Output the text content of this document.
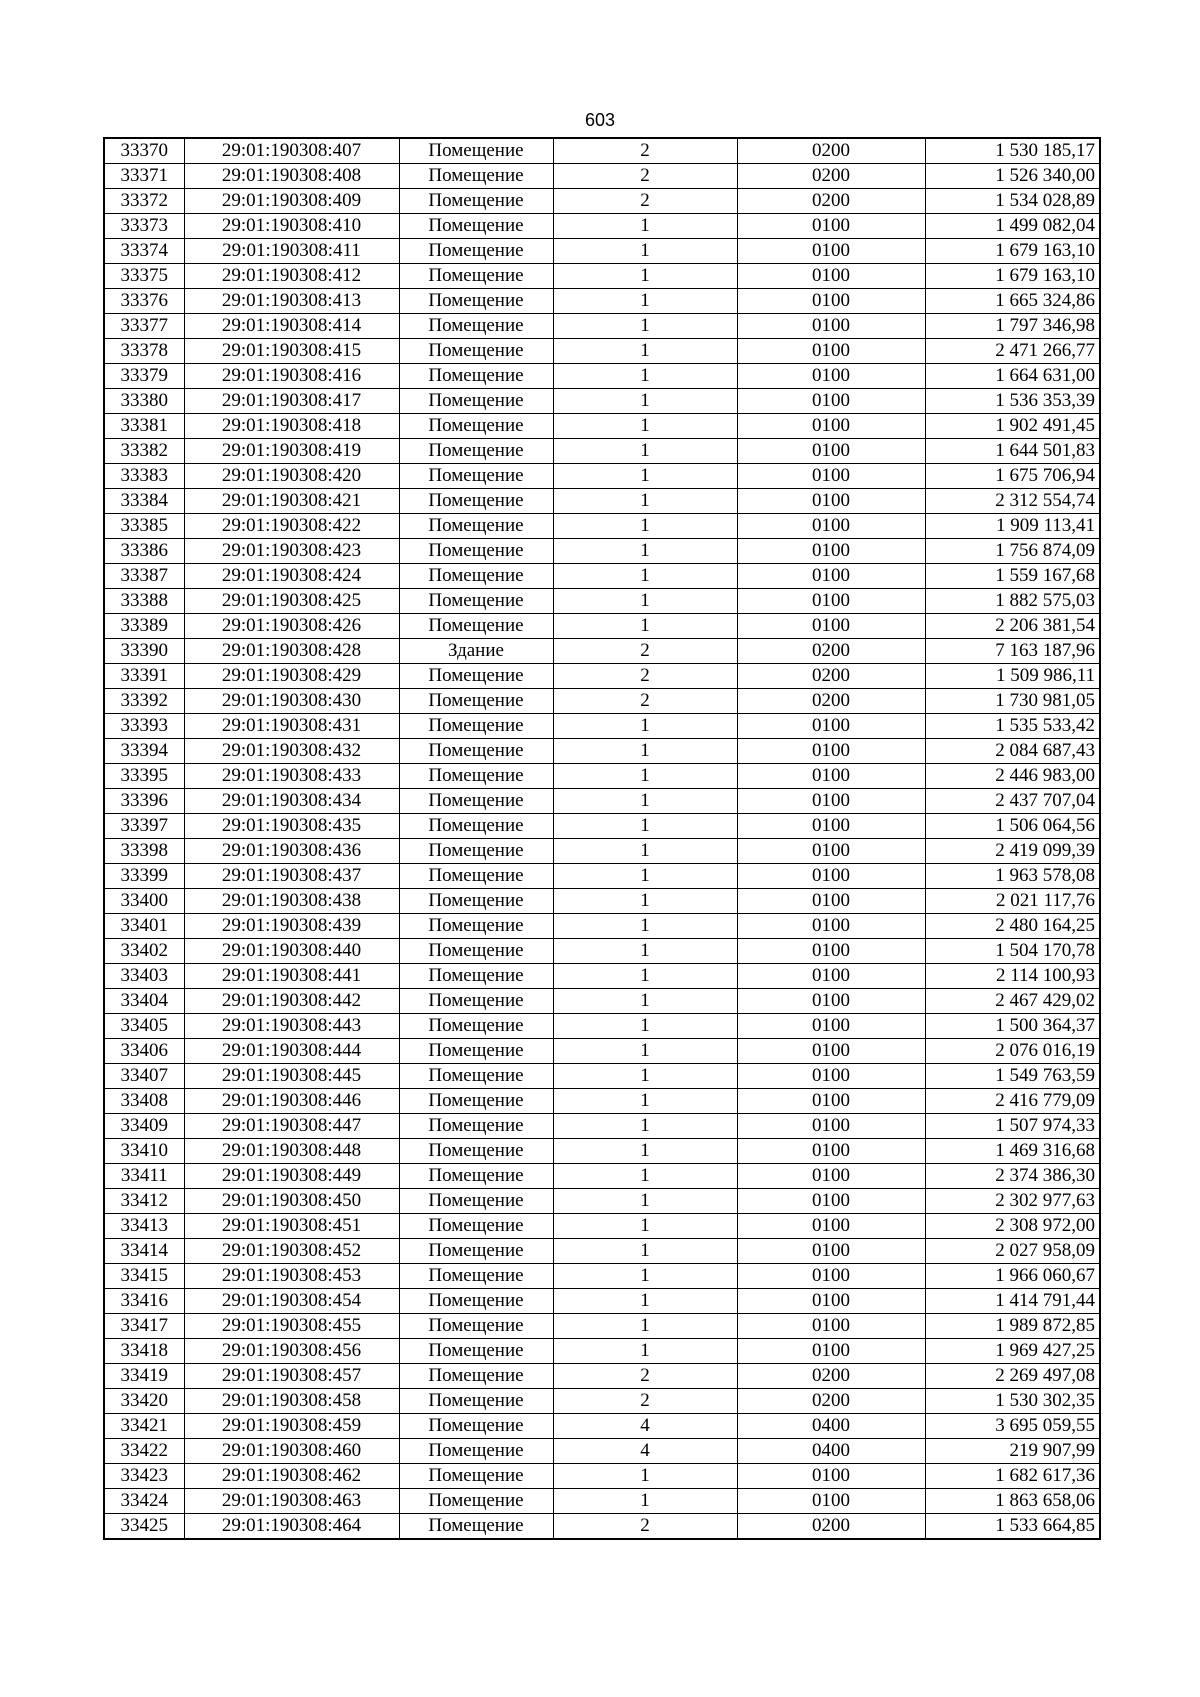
603
33370	29:01:190308:407	Помещение	2	0200	1 530 185,17
33371	29:01:190308:408	Помещение	2	0200	1 526 340,00
33372	29:01:190308:409	Помещение	2	0200	1 534 028,89
33373	29:01:190308:410	Помещение	1	0100	1 499 082,04
33374	29:01:190308:411	Помещение	1	0100	1 679 163,10
33375	29:01:190308:412	Помещение	1	0100	1 679 163,10
33376	29:01:190308:413	Помещение	1	0100	1 665 324,86
33377	29:01:190308:414	Помещение	1	0100	1 797 346,98
33378	29:01:190308:415	Помещение	1	0100	2 471 266,77
33379	29:01:190308:416	Помещение	1	0100	1 664 631,00
33380	29:01:190308:417	Помещение	1	0100	1 536 353,39
33381	29:01:190308:418	Помещение	1	0100	1 902 491,45
33382	29:01:190308:419	Помещение	1	0100	1 644 501,83
33383	29:01:190308:420	Помещение	1	0100	1 675 706,94
33384	29:01:190308:421	Помещение	1	0100	2 312 554,74
33385	29:01:190308:422	Помещение	1	0100	1 909 113,41
33386	29:01:190308:423	Помещение	1	0100	1 756 874,09
33387	29:01:190308:424	Помещение	1	0100	1 559 167,68
33388	29:01:190308:425	Помещение	1	0100	1 882 575,03
33389	29:01:190308:426	Помещение	1	0100	2 206 381,54
33390	29:01:190308:428	Здание	2	0200	7 163 187,96
33391	29:01:190308:429	Помещение	2	0200	1 509 986,11
33392	29:01:190308:430	Помещение	2	0200	1 730 981,05
33393	29:01:190308:431	Помещение	1	0100	1 535 533,42
33394	29:01:190308:432	Помещение	1	0100	2 084 687,43
33395	29:01:190308:433	Помещение	1	0100	2 446 983,00
33396	29:01:190308:434	Помещение	1	0100	2 437 707,04
33397	29:01:190308:435	Помещение	1	0100	1 506 064,56
33398	29:01:190308:436	Помещение	1	0100	2 419 099,39
33399	29:01:190308:437	Помещение	1	0100	1 963 578,08
33400	29:01:190308:438	Помещение	1	0100	2 021 117,76
33401	29:01:190308:439	Помещение	1	0100	2 480 164,25
33402	29:01:190308:440	Помещение	1	0100	1 504 170,78
33403	29:01:190308:441	Помещение	1	0100	2 114 100,93
33404	29:01:190308:442	Помещение	1	0100	2 467 429,02
33405	29:01:190308:443	Помещение	1	0100	1 500 364,37
33406	29:01:190308:444	Помещение	1	0100	2 076 016,19
33407	29:01:190308:445	Помещение	1	0100	1 549 763,59
33408	29:01:190308:446	Помещение	1	0100	2 416 779,09
33409	29:01:190308:447	Помещение	1	0100	1 507 974,33
33410	29:01:190308:448	Помещение	1	0100	1 469 316,68
33411	29:01:190308:449	Помещение	1	0100	2 374 386,30
33412	29:01:190308:450	Помещение	1	0100	2 302 977,63
33413	29:01:190308:451	Помещение	1	0100	2 308 972,00
33414	29:01:190308:452	Помещение	1	0100	2 027 958,09
33415	29:01:190308:453	Помещение	1	0100	1 966 060,67
33416	29:01:190308:454	Помещение	1	0100	1 414 791,44
33417	29:01:190308:455	Помещение	1	0100	1 989 872,85
33418	29:01:190308:456	Помещение	1	0100	1 969 427,25
33419	29:01:190308:457	Помещение	2	0200	2 269 497,08
33420	29:01:190308:458	Помещение	2	0200	1 530 302,35
33421	29:01:190308:459	Помещение	4	0400	3 695 059,55
33422	29:01:190308:460	Помещение	4	0400	219 907,99
33423	29:01:190308:462	Помещение	1	0100	1 682 617,36
33424	29:01:190308:463	Помещение	1	0100	1 863 658,06
33425	29:01:190308:464	Помещение	2	0200	1 533 664,85
